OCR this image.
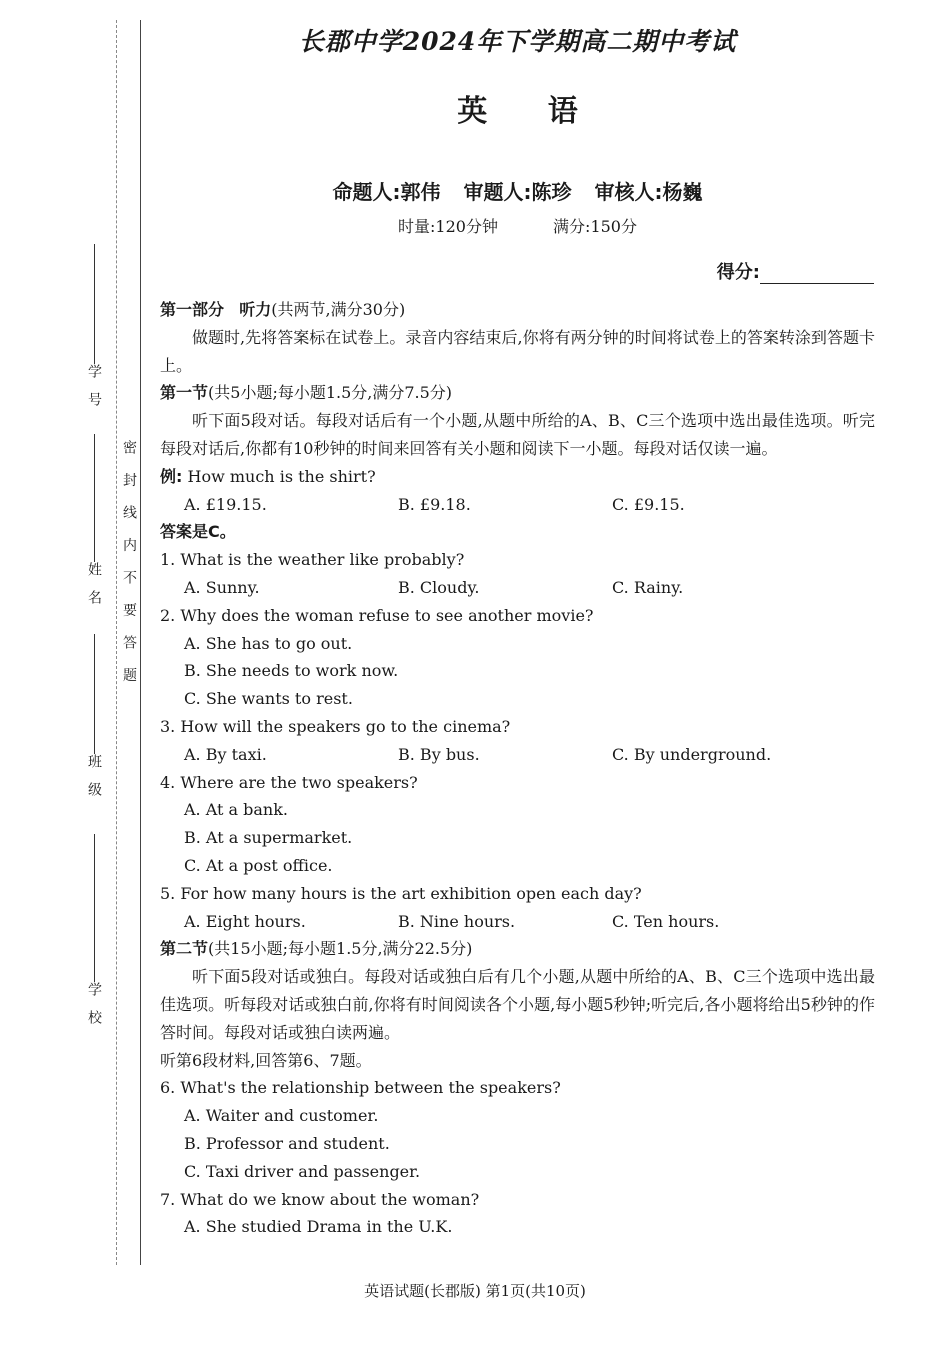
学号
姓名
班级
学校
密封线内不要答题
长郡中学2024年下学期高二期中考试
英 语
命题人:郭伟 审题人:陈珍 审核人:杨巍
时量:120分钟	满分:150分
得分:

第一部分 听力(共两节,满分30分)

做题时,先将答案标在试卷上。录音内容结束后,你将有两分钟的时间将试卷上的答案转涂到答题卡上。

第一节(共5小题;每小题1.5分,满分7.5分)

听下面5段对话。每段对话后有一个小题,从题中所给的A、B、C三个选项中选出最佳选项。听完每段对话后,你都有10秒钟的时间来回答有关小题和阅读下一小题。每段对话仅读一遍。

例: How much is the shirt?

A. £19.15.	B. £9.18.	C. £9.15.

答案是C。

1. What is the weather like probably?

A. Sunny.	B. Cloudy.	C. Rainy.

2. Why does the woman refuse to see another movie?

A. She has to go out.

B. She needs to work now.

C. She wants to rest.

3. How will the speakers go to the cinema?

A. By taxi.	B. By bus.	C. By underground.

4. Where are the two speakers?

A. At a bank.

B. At a supermarket.

C. At a post office.

5. For how many hours is the art exhibition open each day?

A. Eight hours.	B. Nine hours.	C. Ten hours.

第二节(共15小题;每小题1.5分,满分22.5分)

听下面5段对话或独白。每段对话或独白后有几个小题,从题中所给的A、B、C三个选项中选出最佳选项。听每段对话或独白前,你将有时间阅读各个小题,每小题5秒钟;听完后,各小题将给出5秒钟的作答时间。每段对话或独白读两遍。

听第6段材料,回答第6、7题。

6. What's the relationship between the speakers?

A. Waiter and customer.

B. Professor and student.

C. Taxi driver and passenger.

7. What do we know about the woman?

A. She studied Drama in the U.K.

英语试题(长郡版) 第1页(共10页)
